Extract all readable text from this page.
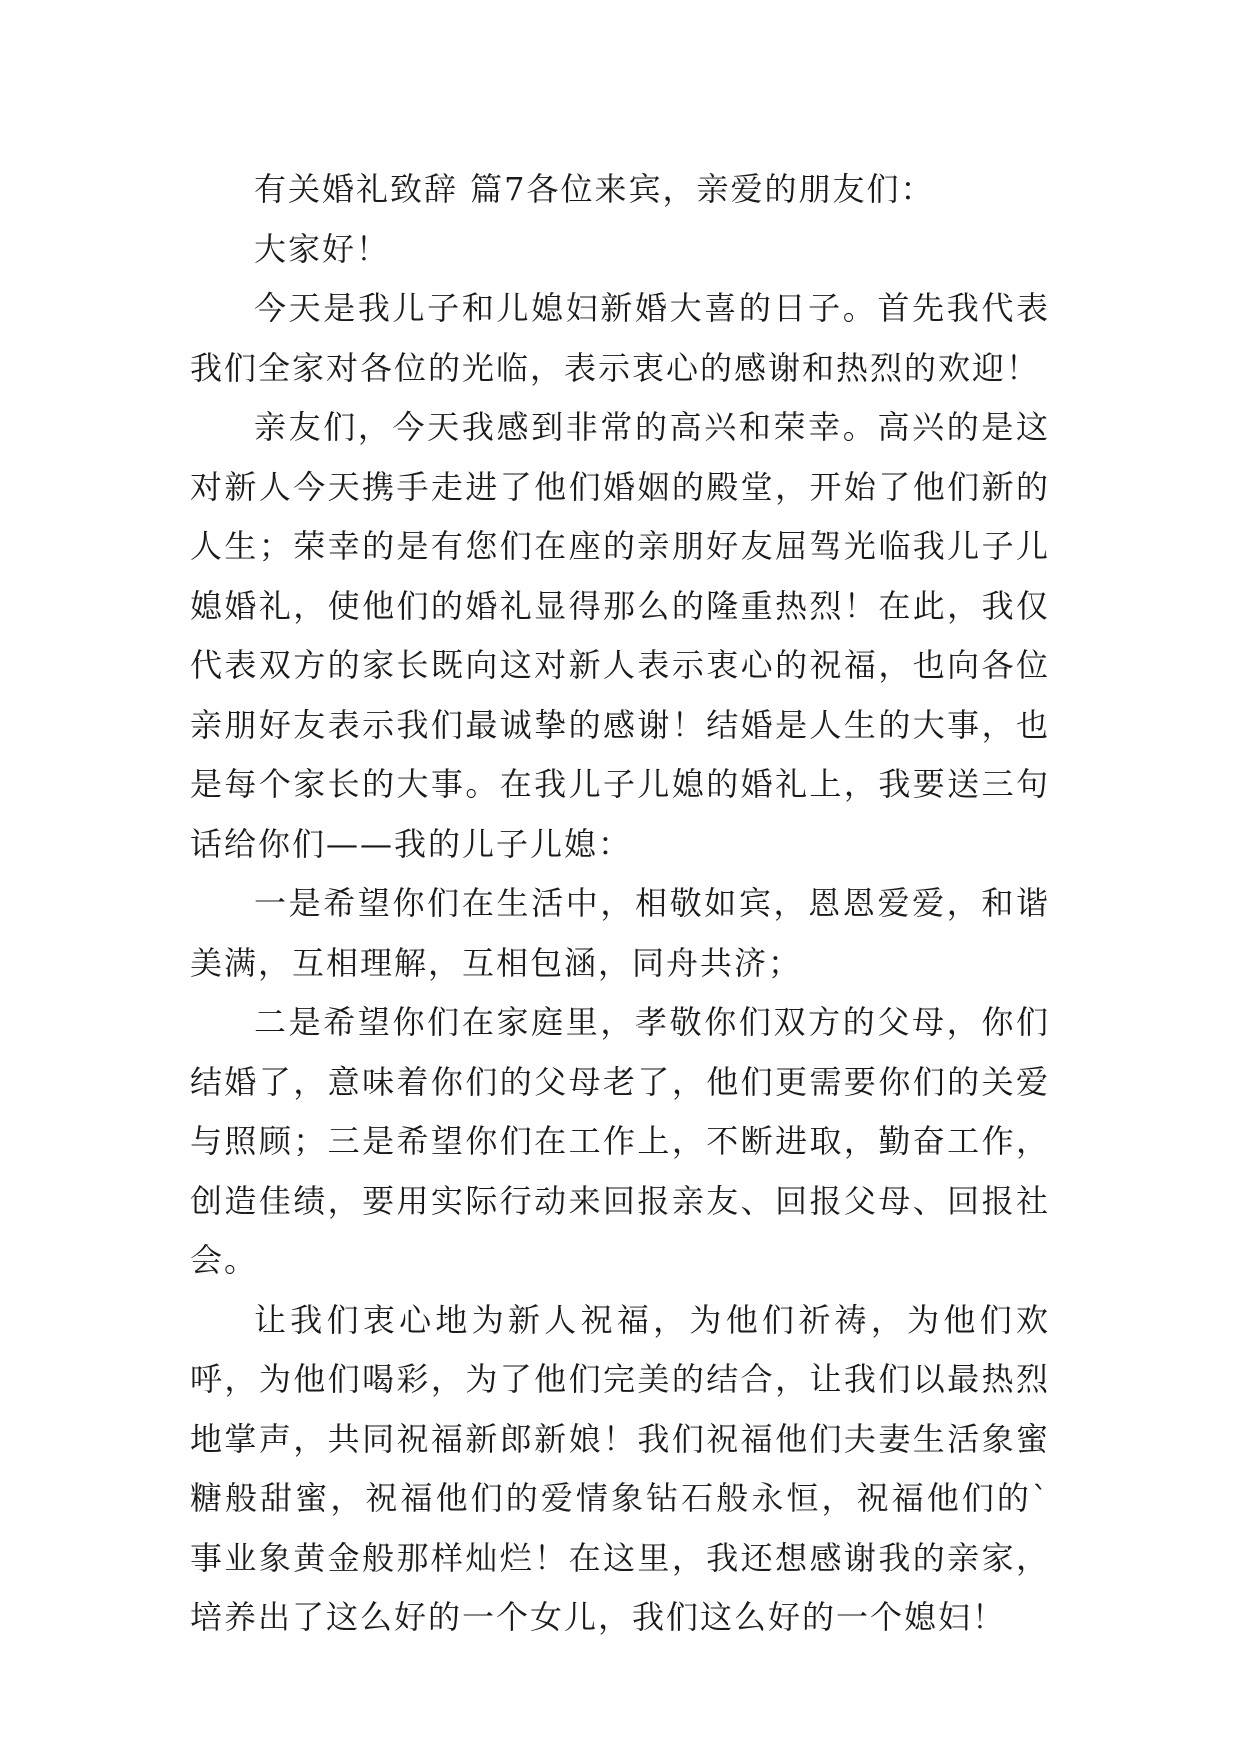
有关婚礼致辞 篇7各位来宾，亲爱的朋友们：

大家好！

今天是我儿子和儿媳妇新婚大喜的日子。首先我代表我们全家对各位的光临，表示衷心的感谢和热烈的欢迎！

亲友们，今天我感到非常的高兴和荣幸。高兴的是这对新人今天携手走进了他们婚姻的殿堂，开始了他们新的人生；荣幸的是有您们在座的亲朋好友屈驾光临我儿子儿媳婚礼，使他们的婚礼显得那么的隆重热烈！在此，我仅代表双方的家长既向这对新人表示衷心的祝福，也向各位亲朋好友表示我们最诚挚的感谢！结婚是人生的大事，也是每个家长的大事。在我儿子儿媳的婚礼上，我要送三句话给你们——我的儿子儿媳：

一是希望你们在生活中，相敬如宾，恩恩爱爱，和谐美满，互相理解，互相包涵，同舟共济；

二是希望你们在家庭里，孝敬你们双方的父母，你们结婚了，意味着你们的父母老了，他们更需要你们的关爱与照顾；三是希望你们在工作上，不断进取，勤奋工作，创造佳绩，要用实际行动来回报亲友、回报父母、回报社会。

让我们衷心地为新人祝福，为他们祈祷，为他们欢呼，为他们喝彩，为了他们完美的结合，让我们以最热烈地掌声，共同祝福新郎新娘！我们祝福他们夫妻生活象蜜糖般甜蜜，祝福他们的爱情象钻石般永恒，祝福他们的`事业象黄金般那样灿烂！在这里，我还想感谢我的亲家，培养出了这么好的一个女儿，我们这么好的一个媳妇！
